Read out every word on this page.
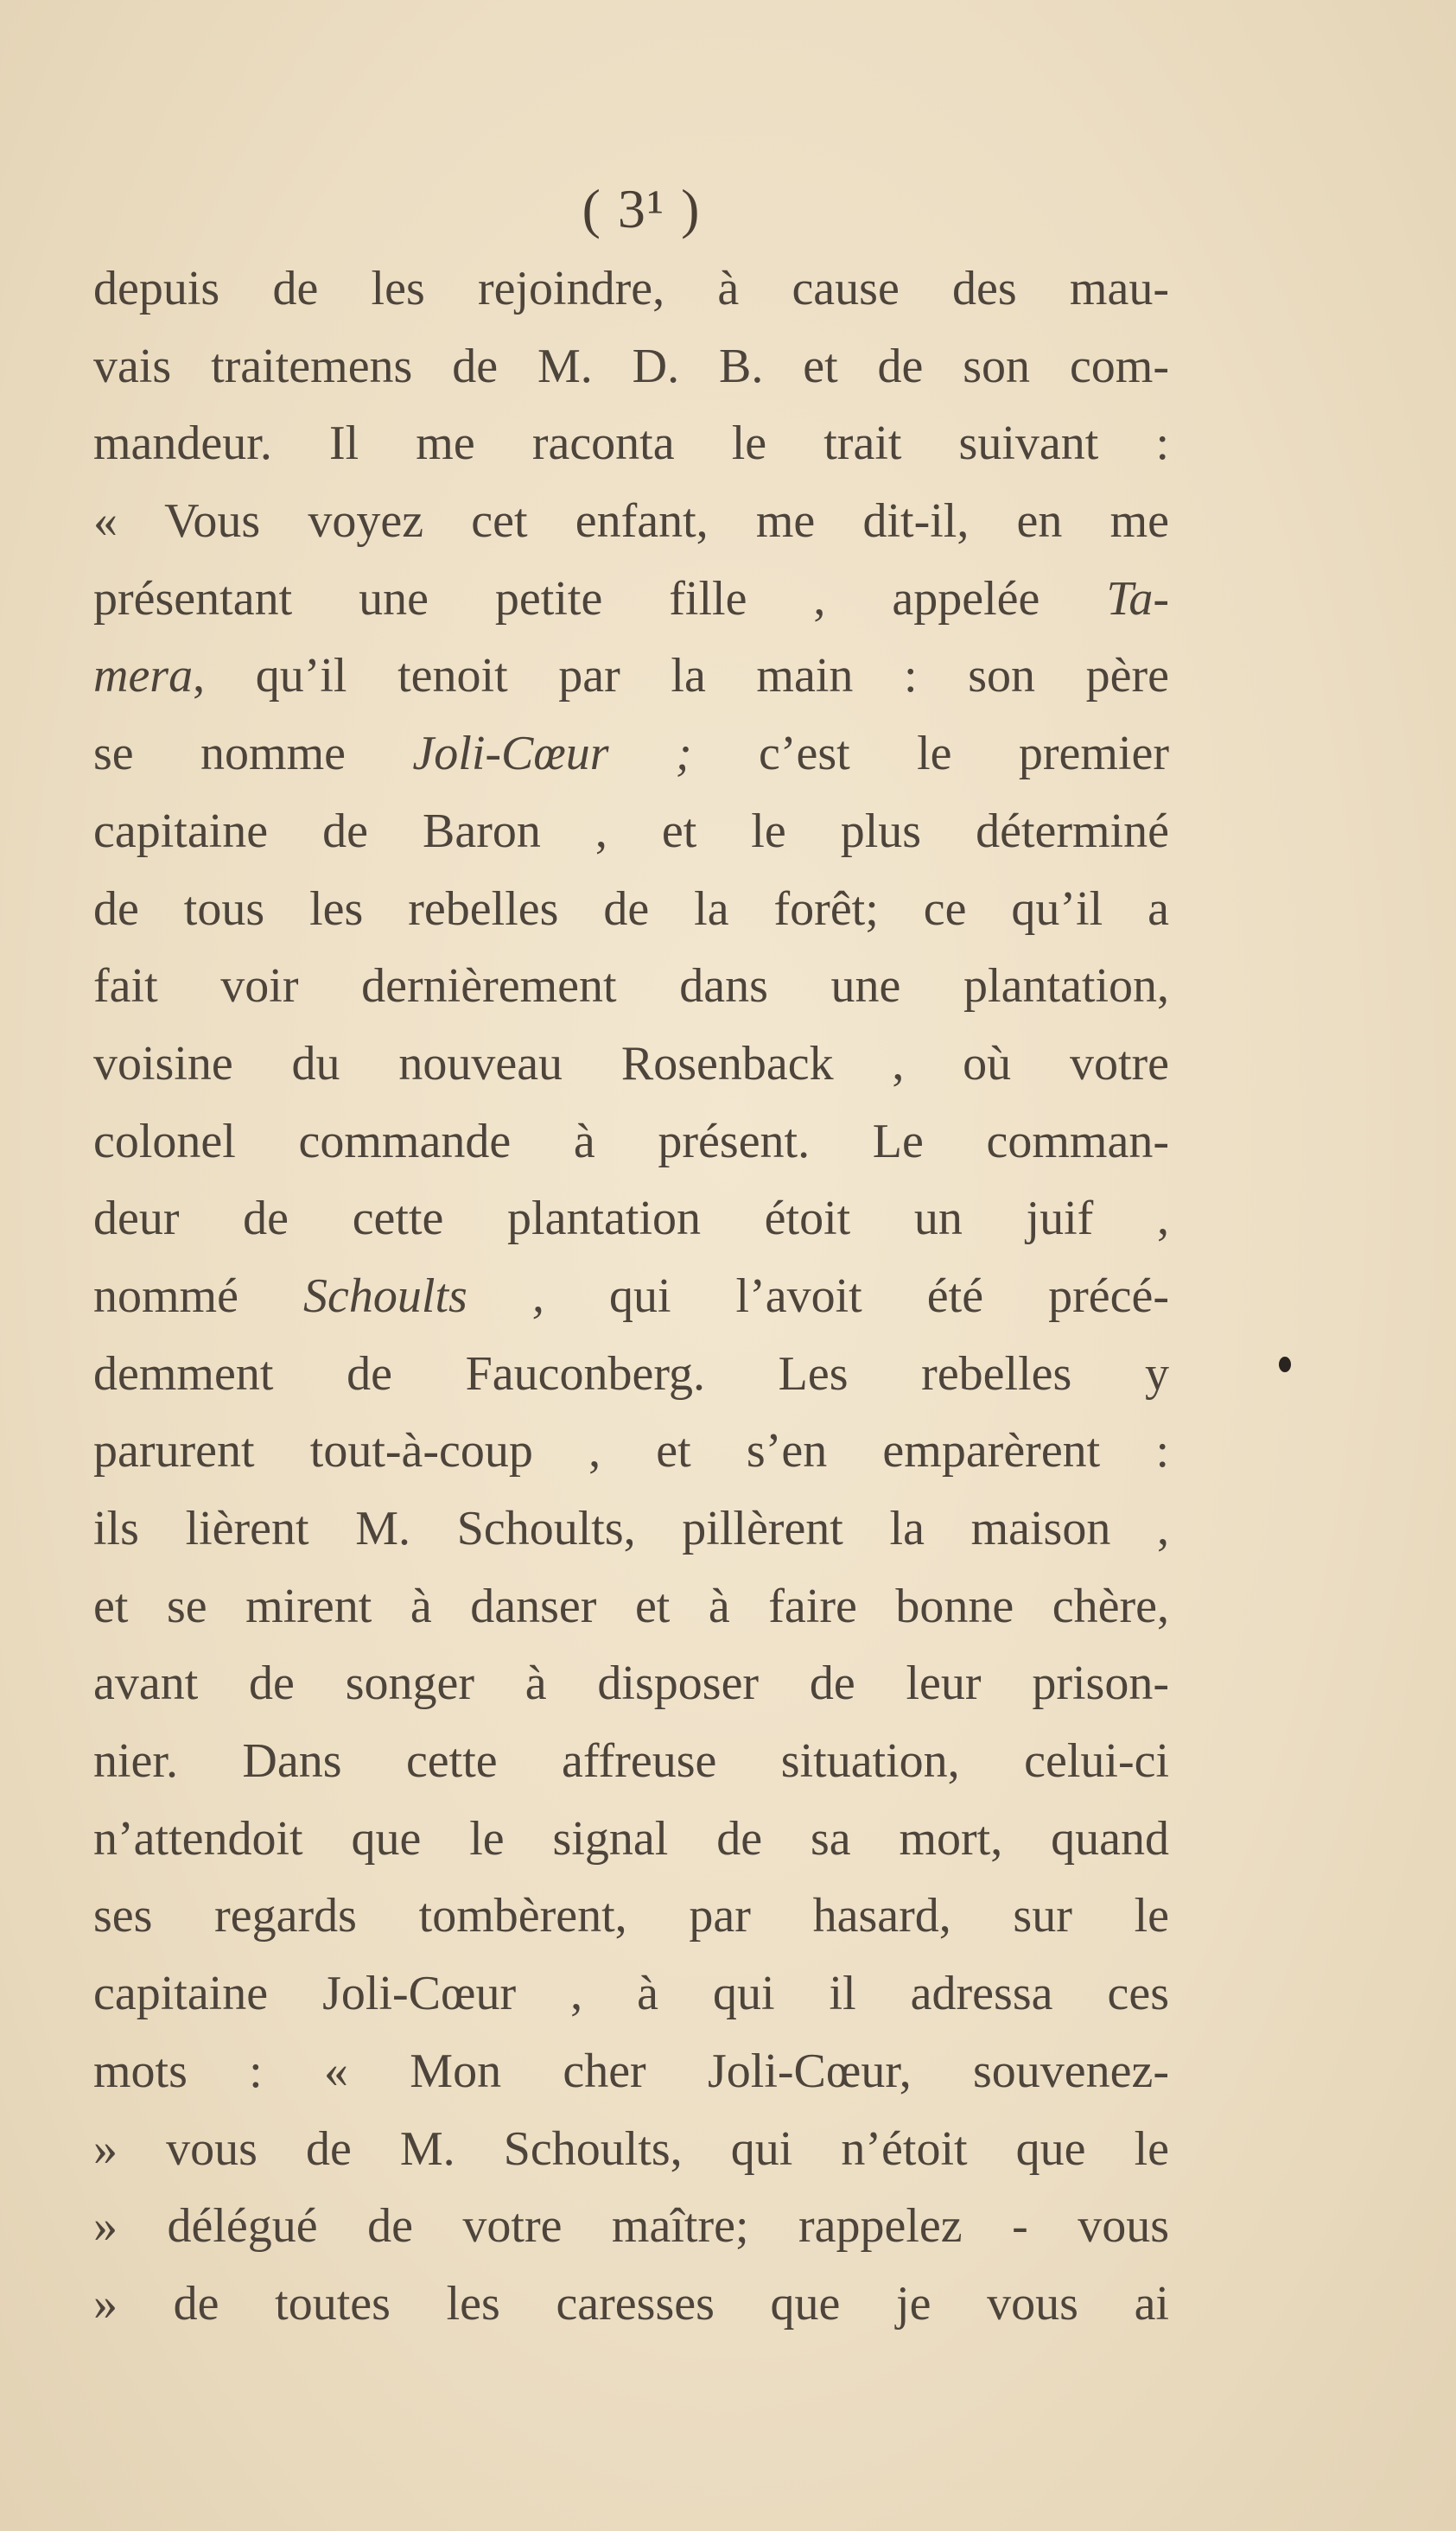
( 3¹ )
depuis de les rejoindre, à cause des mau-
vais traitemens de M. D. B. et de son com-
mandeur. Il me raconta le trait suivant :
« Vous voyez cet enfant, me dit-il, en me
présentant une petite fille , appelée Ta-
mera, qu’il tenoit par la main : son père
se nomme Joli-Cœur ; c’est le premier
capitaine de Baron , et le plus déterminé
de tous les rebelles de la forêt; ce qu’il a
fait voir dernièrement dans une plantation,
voisine du nouveau Rosenback , où votre
colonel commande à présent. Le comman-
deur de cette plantation étoit un juif ,
nommé Schoults , qui l’avoit été précé-
demment de Fauconberg. Les rebelles y
parurent tout-à-coup , et s’en emparèrent :
ils lièrent M. Schoults, pillèrent la maison ,
et se mirent à danser et à faire bonne chère,
avant de songer à disposer de leur prison-
nier. Dans cette affreuse situation, celui-ci
n’attendoit que le signal de sa mort, quand
ses regards tombèrent, par hasard, sur le
capitaine Joli-Cœur , à qui il adressa ces
mots : « Mon cher Joli-Cœur, souvenez-
» vous de M. Schoults, qui n’étoit que le
» délégué de votre maître; rappelez - vous
» de toutes les caresses que je vous ai
